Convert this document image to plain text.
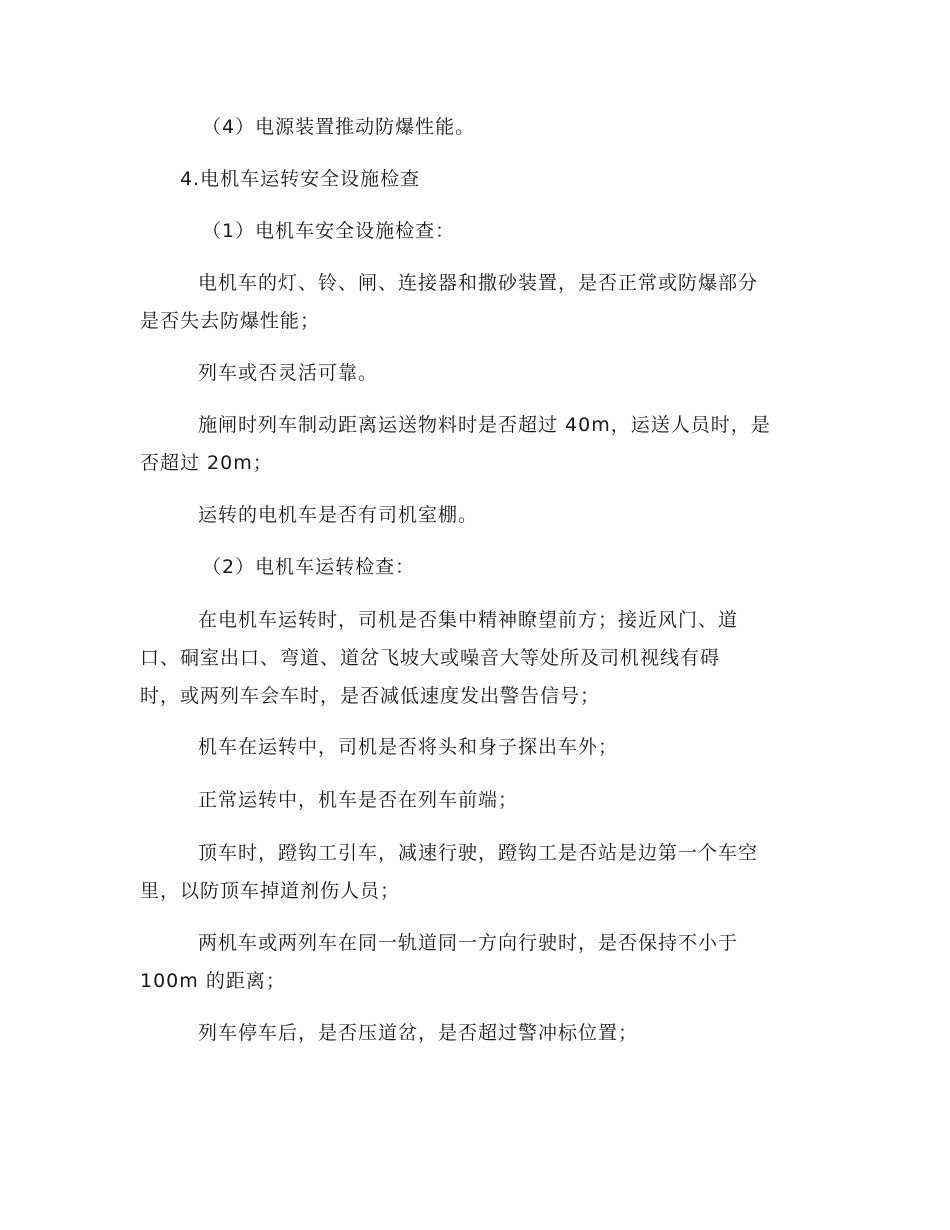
（4）电源装置推动防爆性能。

4.电机车运转安全设施检查

（1）电机车安全设施检查：

电机车的灯、铃、闸、连接器和撒砂装置，是否正常或防爆部分
是否失去防爆性能；

列车或否灵活可靠。

施闸时列车制动距离运送物料时是否超过 40m，运送人员时，是
否超过 20m；

运转的电机车是否有司机室棚。

（2）电机车运转检查：

在电机车运转时，司机是否集中精神瞭望前方；接近风门、道
口、硐室出口、弯道、道岔飞坡大或噪音大等处所及司机视线有碍
时，或两列车会车时，是否减低速度发出警告信号；

机车在运转中，司机是否将头和身子探出车外；

正常运转中，机车是否在列车前端；

顶车时，蹬钩工引车，减速行驶，蹬钩工是否站是边第一个车空
里，以防顶车掉道剂伤人员；

两机车或两列车在同一轨道同一方向行驶时，是否保持不小于
100m 的距离；

列车停车后，是否压道岔，是否超过警冲标位置；
